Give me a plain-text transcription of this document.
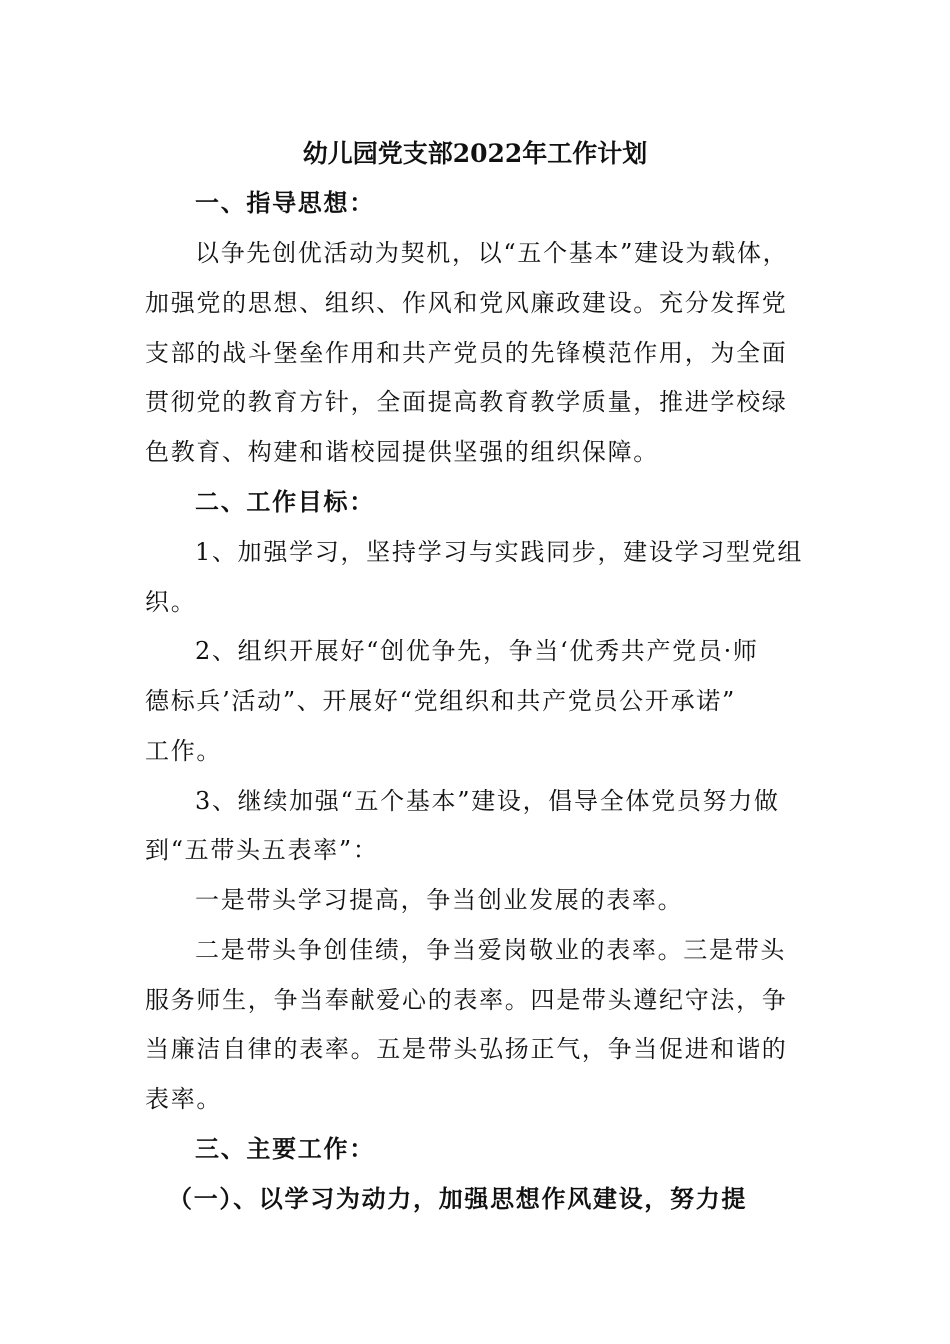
幼儿园党支部2022年工作计划
一、指导思想：
以争先创优活动为契机，以“五个基本”建设为载体，
加强党的思想、组织、作风和党风廉政建设。充分发挥党
支部的战斗堡垒作用和共产党员的先锋模范作用，为全面
贯彻党的教育方针，全面提高教育教学质量，推进学校绿
色教育、构建和谐校园提供坚强的组织保障。
二、工作目标：
1、加强学习，坚持学习与实践同步，建设学习型党组
织。
2、组织开展好“创优争先，争当‘优秀共产党员·师
德标兵’活动”、开展好“党组织和共产党员公开承诺”
工作。
3、继续加强“五个基本”建设，倡导全体党员努力做
到“五带头五表率”：
一是带头学习提高，争当创业发展的表率。
二是带头争创佳绩，争当爱岗敬业的表率。三是带头
服务师生，争当奉献爱心的表率。四是带头遵纪守法，争
当廉洁自律的表率。五是带头弘扬正气，争当促进和谐的
表率。
三、主要工作：
（一）、以学习为动力，加强思想作风建设，努力提
